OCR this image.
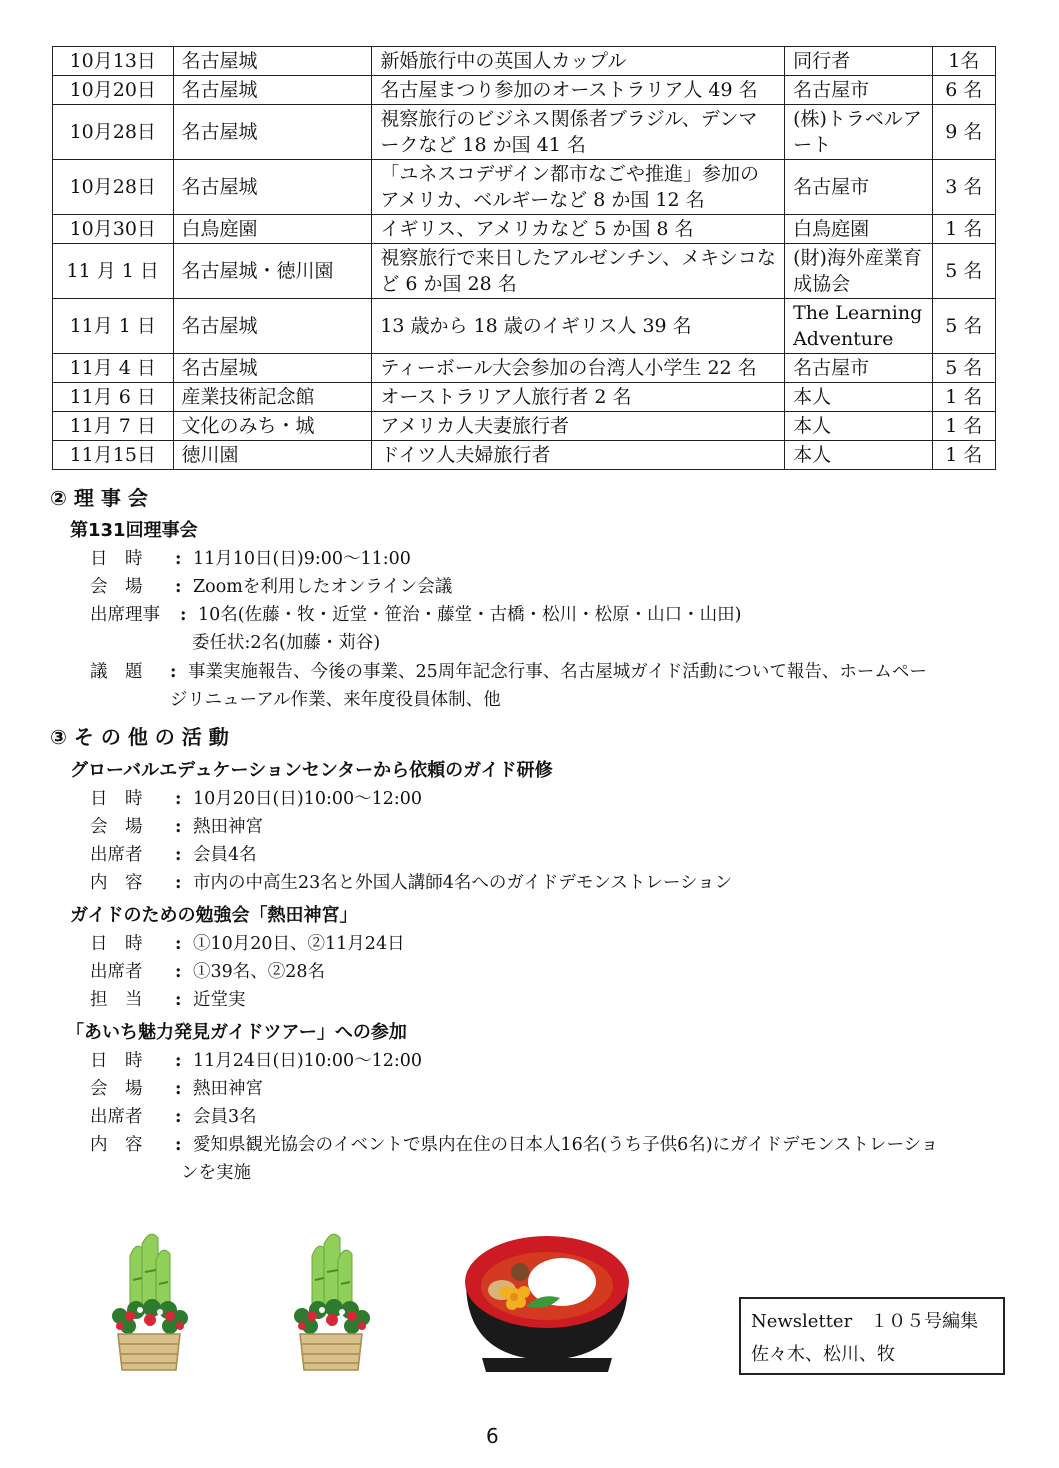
10月13日	名古屋城	新婚旅行中の英国人カップル	同行者	1名
10月20日	名古屋城	名古屋まつり参加のオーストラリア人 49 名	名古屋市	6 名
10月28日	名古屋城	視察旅行のビジネス関係者ブラジル、デンマークなど 18 か国 41 名	(株)トラベルアート	9 名
10月28日	名古屋城	「ユネスコデザイン都市なごや推進」参加のアメリカ、ベルギーなど 8 か国 12 名	名古屋市	3 名
10月30日	白鳥庭園	イギリス、アメリカなど 5 か国 8 名	白鳥庭園	1 名
11 月 1 日	名古屋城・徳川園	視察旅行で来日したアルゼンチン、メキシコなど 6 か国 28 名	(財)海外産業育成協会	5 名
11月 1 日	名古屋城	13 歳から 18 歳のイギリス人 39 名	The Learning Adventure	5 名
11月 4 日	名古屋城	ティーボール大会参加の台湾人小学生 22 名	名古屋市	5 名
11月 6 日	産業技術記念館	オーストラリア人旅行者 2 名	本人	1 名
11月 7 日	文化のみち・城	アメリカ人夫妻旅行者	本人	1 名
11月15日	徳川園	ドイツ人夫婦旅行者	本人	1 名
② 理 事 会
第131回理事会
日　時 : 11月10日(日)9:00～11:00
会　場 : Zoomを利用したオンライン会議
出席理事 : 10名(佐藤・牧・近堂・笹治・藤堂・古橋・松川・松原・山口・山田)
委任状:2名(加藤・苅谷)
議　題 : 事業実施報告、今後の事業、25周年記念行事、名古屋城ガイド活動について報告、ホームペー
ジリニューアル作業、来年度役員体制、他
③ そ の 他 の 活 動
グローバルエデュケーションセンターから依頼のガイド研修
日　時 : 10月20日(日)10:00～12:00
会　場 : 熱田神宮
出席者 : 会員4名
内　容 : 市内の中高生23名と外国人講師4名へのガイドデモンストレーション
ガイドのための勉強会「熱田神宮」
日　時 : ①10月20日、②11月24日
出席者 : ①39名、②28名
担　当 : 近堂実
「あいち魅力発見ガイドツアー」への参加
日　時 : 11月24日(日)10:00～12:00
会　場 : 熱田神宮
出席者 : 会員3名
内　容 : 愛知県観光協会のイベントで県内在住の日本人16名(うち子供6名)にガイドデモンストレーショ
ンを実施
Newsletter　１０５号編集
佐々木、松川、牧
6
